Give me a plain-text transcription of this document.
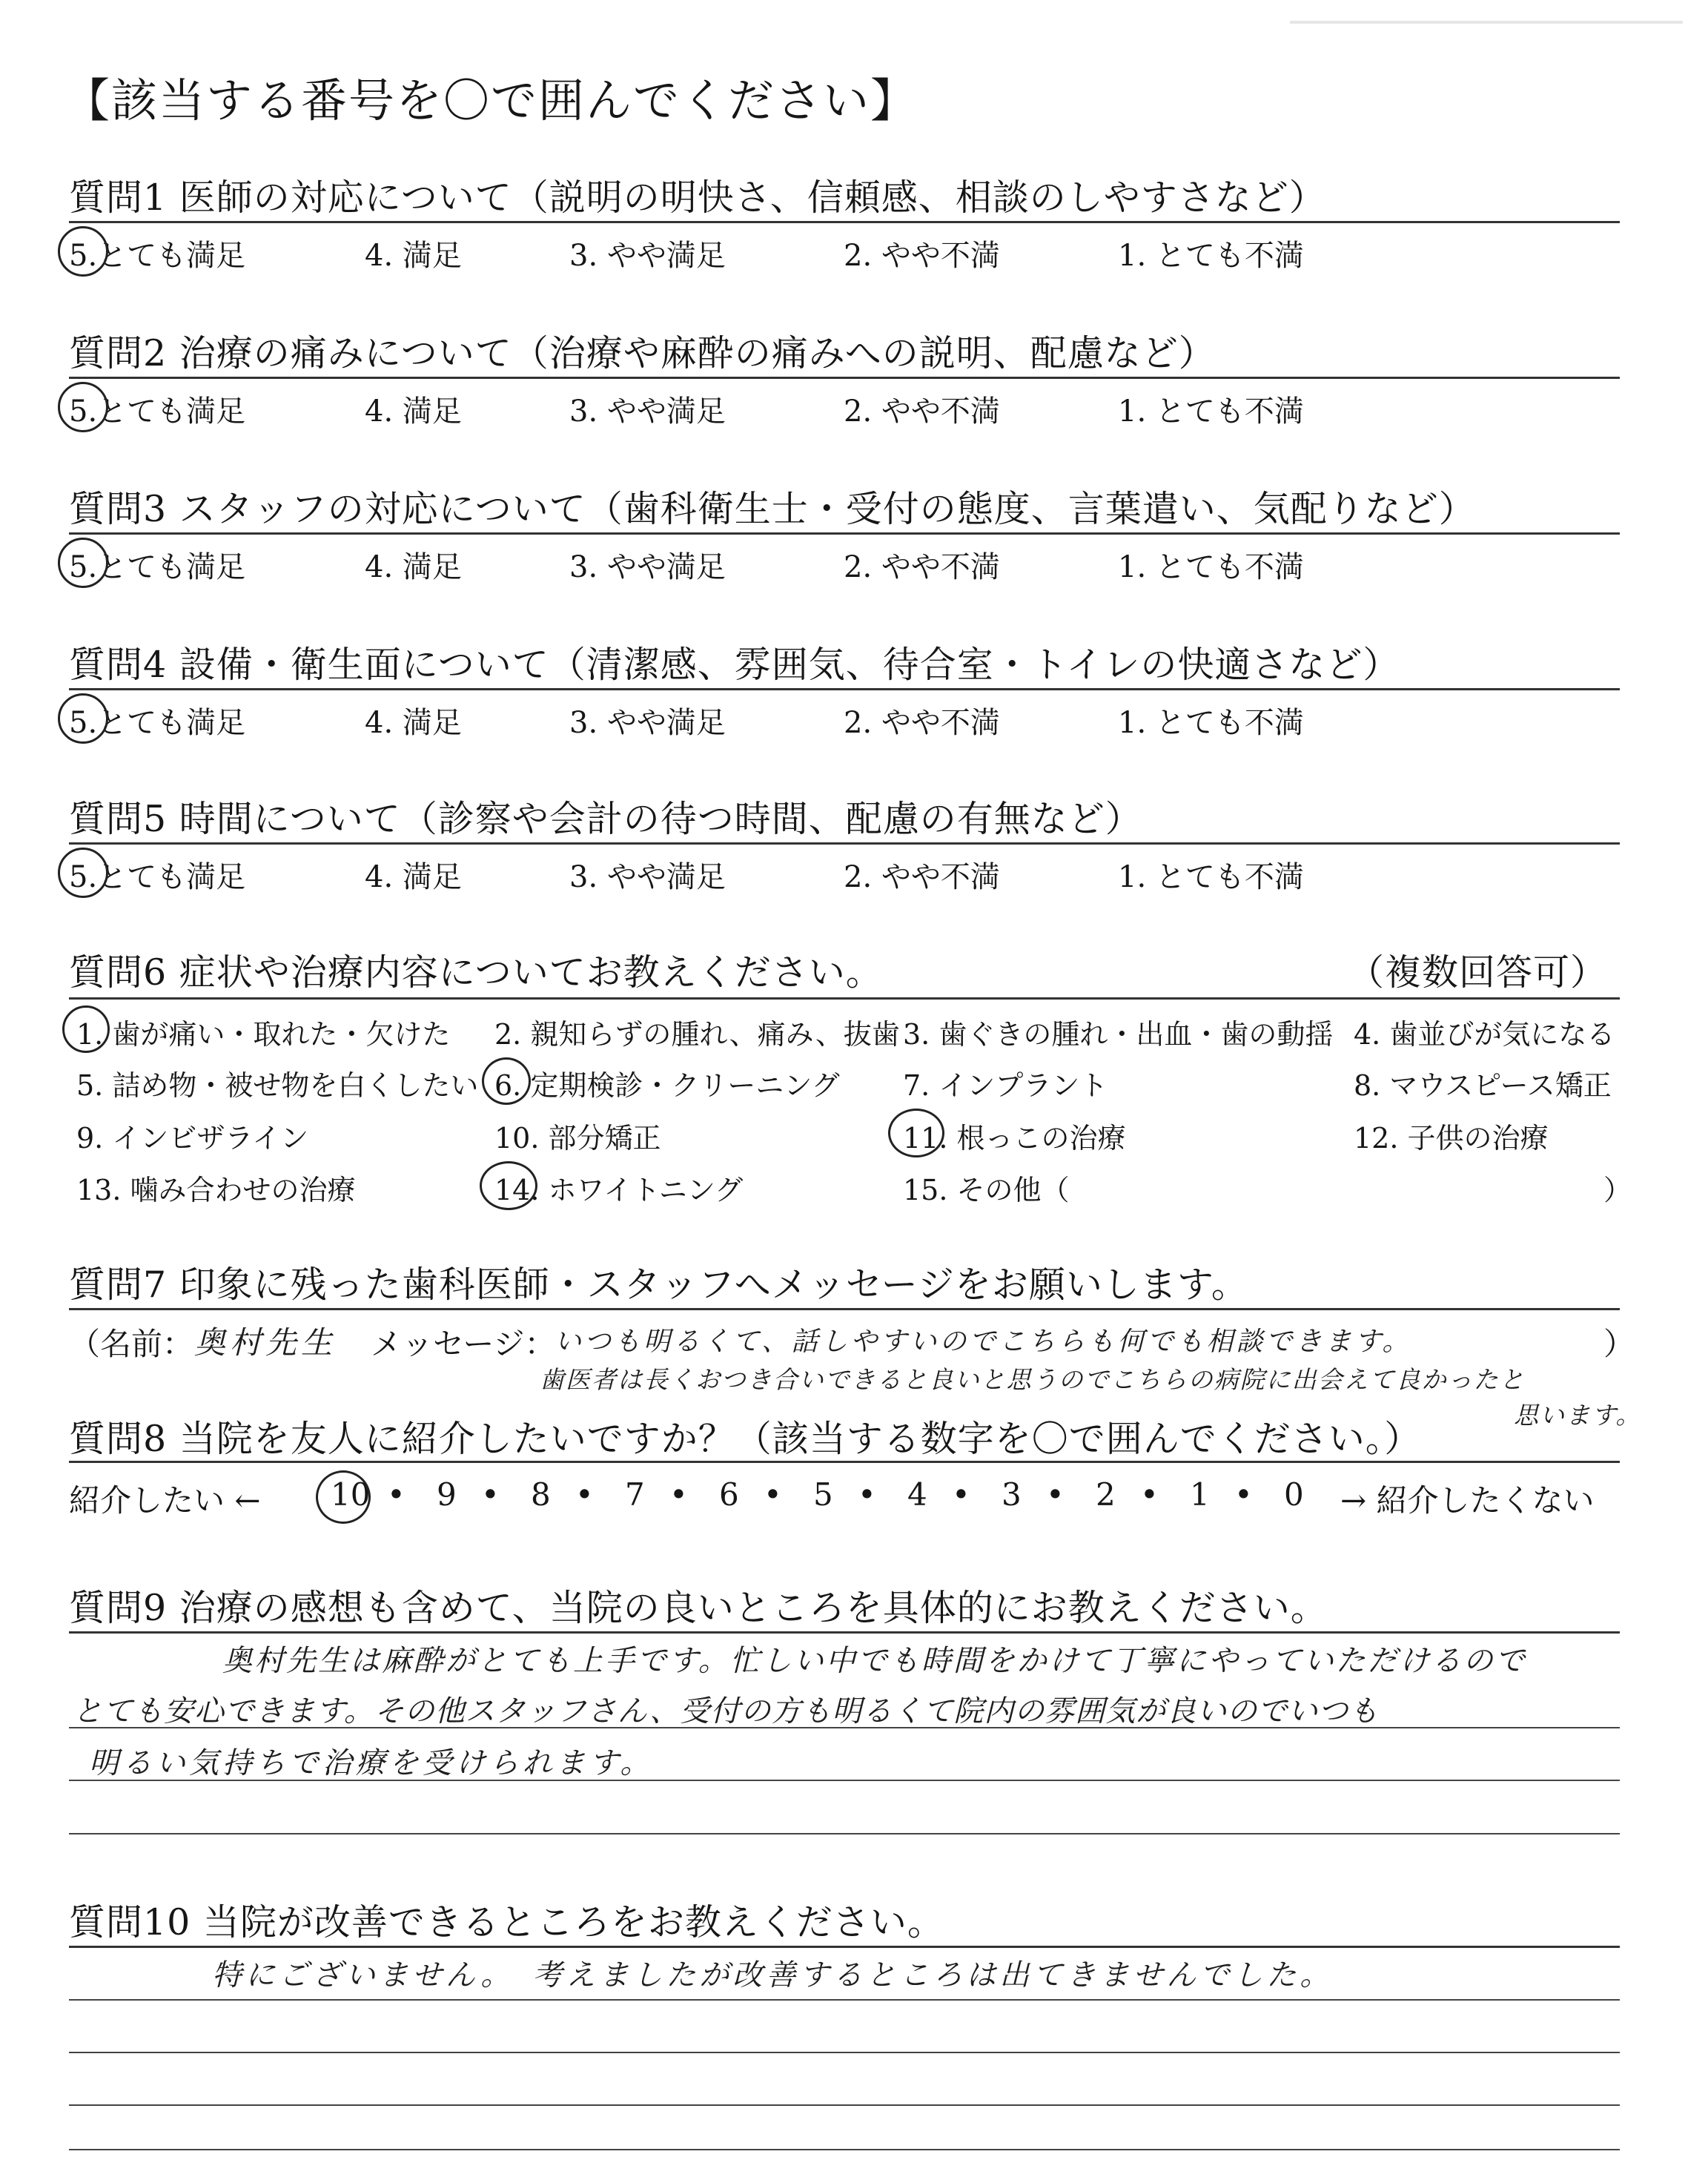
【該当する番号を〇で囲んでください】
質問1 医師の対応について（説明の明快さ、信頼感、相談のしやすさなど）
5.とても満足	4. 満足	3. やや満足	2. やや不満	1. とても不満
質問2 治療の痛みについて（治療や麻酔の痛みへの説明、配慮など）
5.とても満足	4. 満足	3. やや満足	2. やや不満	1. とても不満
質問3 スタッフの対応について（歯科衛生士・受付の態度、言葉遣い、気配りなど）
5.とても満足	4. 満足	3. やや満足	2. やや不満	1. とても不満
質問4 設備・衛生面について（清潔感、雰囲気、待合室・トイレの快適さなど）
5.とても満足	4. 満足	3. やや満足	2. やや不満	1. とても不満
質問5 時間について（診察や会計の待つ時間、配慮の有無など）
5.とても満足	4. 満足	3. やや満足	2. やや不満	1. とても不満
質問6 症状や治療内容についてお教えください。	（複数回答可）
1. 歯が痛い・取れた・欠けた 2. 親知らずの腫れ、痛み、抜歯 3. 歯ぐきの腫れ・出血・歯の動揺 4. 歯並びが気になる
5. 詰め物・被せ物を白くしたい 6. 定期検診・クリーニング 7. インプラント	8. マウスピース矯正
9. インビザライン	10. 部分矯正	11. 根っこの治療	12. 子供の治療
13. 噛み合わせの治療	14. ホワイトニング	15. その他（	）
質問7 印象に残った歯科医師・スタッフへメッセージをお願いします。
（名前： 奥村先生 メッセージ：
いつも明るくて、話しやすいのでこちらも何でも相談できます。	）
歯医者は長くおつき合いできると良いと思うのでこちらの病院に出会えて良かったと
思います。
質問8 当院を友人に紹介したいですか？（該当する数字を〇で囲んでください。）
紹介したい ← 10 • 9 • 8 • 7 • 6 • 5 • 4 • 3 • 2 • 1 • 0 → 紹介したくない
質問9 治療の感想も含めて、当院の良いところを具体的にお教えください。
奥村先生は麻酔がとても上手です。忙しい中でも時間をかけて丁寧にやっていただけるので
とても安心できます。その他スタッフさん、受付の方も明るくて院内の雰囲気が良いのでいつも
明るい気持ちで治療を受けられます。
質問10 当院が改善できるところをお教えください。
特にございません。　考えましたが改善するところは出てきませんでした。
